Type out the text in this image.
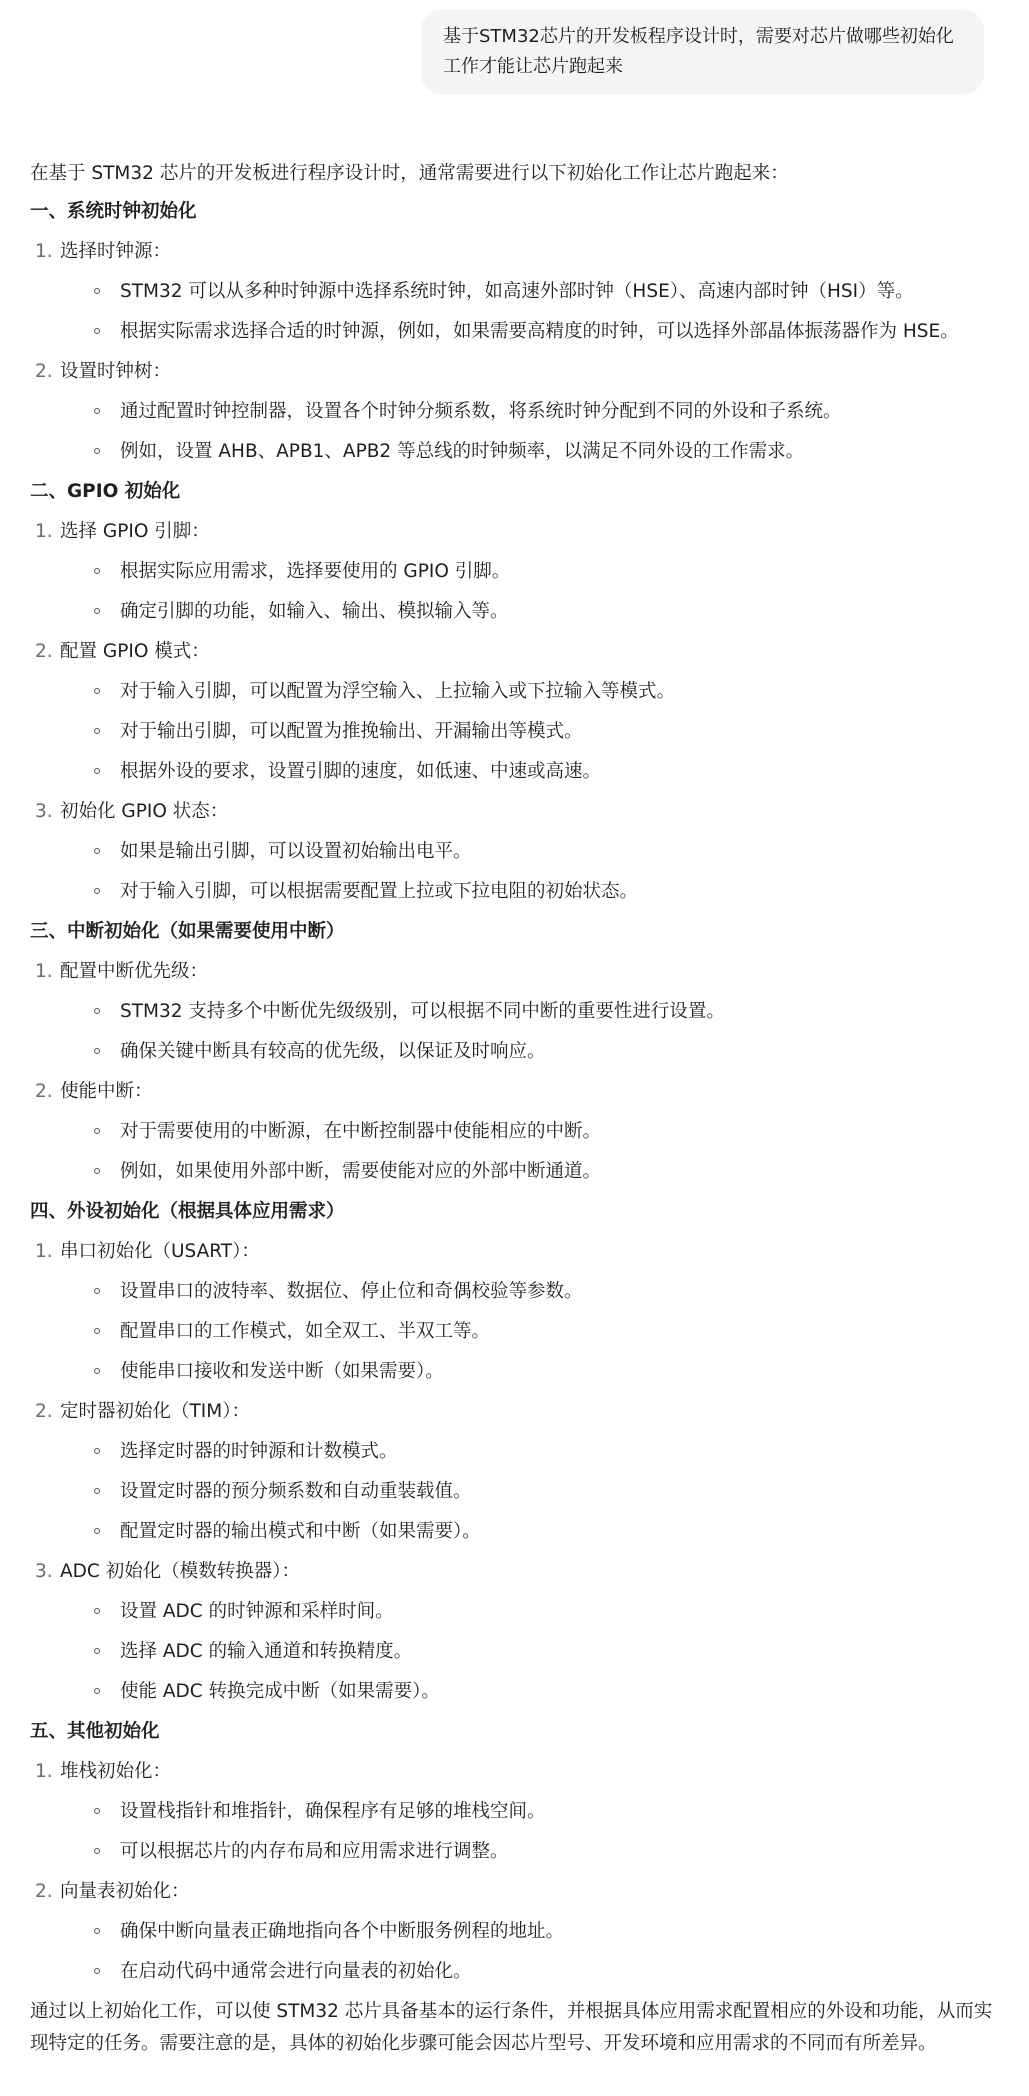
基于STM32芯片的开发板程序设计时，需要对芯片做哪些初始化工作才能让芯片跑起来

在基于 STM32 芯片的开发板进行程序设计时，通常需要进行以下初始化工作让芯片跑起来：

一、系统时钟初始化
1. 选择时钟源：
STM32 可以从多种时钟源中选择系统时钟，如高速外部时钟（HSE）、高速内部时钟（HSI）等。
根据实际需求选择合适的时钟源，例如，如果需要高精度的时钟，可以选择外部晶体振荡器作为 HSE。
2. 设置时钟树：
通过配置时钟控制器，设置各个时钟分频系数，将系统时钟分配到不同的外设和子系统。
例如，设置 AHB、APB1、APB2 等总线的时钟频率，以满足不同外设的工作需求。
二、GPIO 初始化
1. 选择 GPIO 引脚：
根据实际应用需求，选择要使用的 GPIO 引脚。
确定引脚的功能，如输入、输出、模拟输入等。
2. 配置 GPIO 模式：
对于输入引脚，可以配置为浮空输入、上拉输入或下拉输入等模式。
对于输出引脚，可以配置为推挽输出、开漏输出等模式。
根据外设的要求，设置引脚的速度，如低速、中速或高速。
3. 初始化 GPIO 状态：
如果是输出引脚，可以设置初始输出电平。
对于输入引脚，可以根据需要配置上拉或下拉电阻的初始状态。
三、中断初始化（如果需要使用中断）
1. 配置中断优先级：
STM32 支持多个中断优先级级别，可以根据不同中断的重要性进行设置。
确保关键中断具有较高的优先级，以保证及时响应。
2. 使能中断：
对于需要使用的中断源，在中断控制器中使能相应的中断。
例如，如果使用外部中断，需要使能对应的外部中断通道。
四、外设初始化（根据具体应用需求）
1. 串口初始化（USART）：
设置串口的波特率、数据位、停止位和奇偶校验等参数。
配置串口的工作模式，如全双工、半双工等。
使能串口接收和发送中断（如果需要）。
2. 定时器初始化（TIM）：
选择定时器的时钟源和计数模式。
设置定时器的预分频系数和自动重装载值。
配置定时器的输出模式和中断（如果需要）。
3. ADC 初始化（模数转换器）：
设置 ADC 的时钟源和采样时间。
选择 ADC 的输入通道和转换精度。
使能 ADC 转换完成中断（如果需要）。
五、其他初始化
1. 堆栈初始化：
设置栈指针和堆指针，确保程序有足够的堆栈空间。
可以根据芯片的内存布局和应用需求进行调整。
2. 向量表初始化：
确保中断向量表正确地指向各个中断服务例程的地址。
在启动代码中通常会进行向量表的初始化。

通过以上初始化工作，可以使 STM32 芯片具备基本的运行条件，并根据具体应用需求配置相应的外设和功能，从而实现特定的任务。需要注意的是，具体的初始化步骤可能会因芯片型号、开发环境和应用需求的不同而有所差异。
